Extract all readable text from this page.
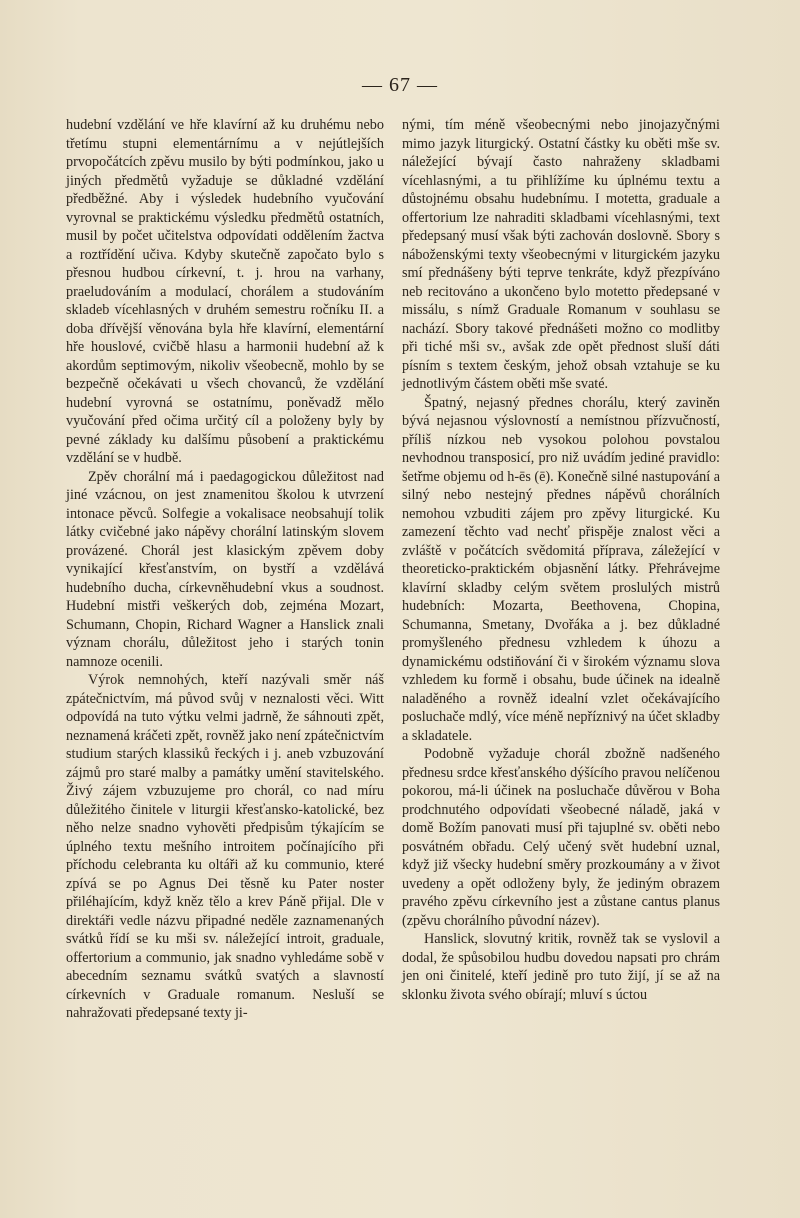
— 67 —

hudební vzdělání ve hře klavírní až ku druhému nebo třetímu stupni elementárnímu a v nejútlejších prvopočátcích zpěvu musilo by býti podmínkou, jako u jiných předmětů vyžaduje se důkladné vzdělání předběžné. Aby i výsledek hudebního vyučování vyrovnal se praktickému výsledku předmětů ostatních, musil by počet učitelstva odpovídati oddělením žactva a roztřídění učiva. Kdyby skutečně započato bylo s přesnou hudbou církevní, t. j. hrou na varhany, praeludováním a modulací, chorálem a studováním skladeb vícehlasných v druhém semestru ročníku II. a doba dřívější věnována byla hře klavírní, elementární hře houslové, cvičbě hlasu a harmonii hudební až k akordům septimovým, nikoliv všeobecně, mohlo by se bezpečně očekávati u všech chovanců, že vzdělání hudební vyrovná se ostatnímu, poněvadž mělo vyučování před očima určitý cíl a položeny byly by pevné základy ku dalšímu působení a praktickému vzdělání se v hudbě.

Zpěv chorální má i paedagogickou důležitost nad jiné vzácnou, on jest znamenitou školou k utvrzení intonace pěvců. Solfegie a vokalisace neobsahují tolik látky cvičebné jako nápěvy chorální latinským slovem provázené. Chorál jest klasickým zpěvem doby vynikající křesťanstvím, on bystří a vzdělává hudebního ducha, církevněhudební vkus a soudnost. Hudební mistři veškerých dob, zejména Mozart, Schumann, Chopin, Richard Wagner a Hanslick znali význam chorálu, důležitost jeho i starých tonin namnoze ocenili.

Výrok nemnohých, kteří nazývali směr náš zpátečnictvím, má původ svůj v neznalosti věci. Witt odpovídá na tuto výtku velmi jadrně, že sáhnouti zpět, neznamená kráčeti zpět, rovněž jako není zpátečnictvím studium starých klassiků řeckých i j. aneb vzbuzování zájmů pro staré malby a památky umění stavitelského. Živý zájem vzbuzujeme pro chorál, co nad míru důležitého činitele v liturgii křesťansko-katolické, bez něho nelze snadno vyhověti předpisům týkajícím se úplného textu mešního introitem počínajícího při příchodu celebranta ku oltáři až ku communio, které zpívá se po Agnus Dei těsně ku Pater noster přiléhajícím, když kněz tělo a krev Páně přijal. Dle v direktáři vedle názvu připadné neděle zaznamenaných svátků řídí se ku mši sv. náležející introit, graduale, offertorium a communio, jak snadno vyhledáme sobě v abecedním seznamu svátků svatých a slavností církevních v Graduale romanum. Nesluší se nahražovati předepsané texty ji-

nými, tím méně všeobecnými nebo jinojazyčnými mimo jazyk liturgický. Ostatní částky ku oběti mše sv. náležející bývají často nahraženy skladbami vícehlasnými, a tu přihlížíme ku úplnému textu a důstojnému obsahu hudebnímu. I motetta, graduale a offertorium lze nahraditi skladbami vícehlasnými, text předepsaný musí však býti zachován doslovně. Sbory s náboženskými texty všeobecnými v liturgickém jazyku smí přednášeny býti teprve tenkráte, když přezpíváno neb recitováno a ukončeno bylo motetto předepsané v missálu, s nímž Graduale Romanum v souhlasu se nachází. Sbory takové přednášeti možno co modlitby při tiché mši sv., avšak zde opět přednost sluší dáti písním s textem českým, jehož obsah vztahuje se ku jednotlivým částem oběti mše svaté.

Špatný, nejasný přednes chorálu, který zaviněn bývá nejasnou výslovností a nemístnou přízvučností, příliš nízkou neb vysokou polohou povstalou nevhodnou transposicí, pro niž uvádím jediné pravidlo: šetřme objemu od h-ēs (ē). Konečně silné nastupování a silný nebo nestejný přednes nápěvů chorálních nemohou vzbuditi zájem pro zpěvy liturgické. Ku zamezení těchto vad nechť přispěje znalost věci a zvláště v počátcích svědomitá příprava, záležející v theoreticko-praktickém objasnění látky. Přehrávejme klavírní skladby celým světem proslulých mistrů hudebních: Mozarta, Beethovena, Chopina, Schumanna, Smetany, Dvořáka a j. bez důkladné promyšleného přednesu vzhledem k úhozu a dynamickému odstiňování či v širokém významu slova vzhledem ku formě i obsahu, bude účinek na idealně naladěného a rovněž idealní vzlet očekávajícího posluchače mdlý, více méně nepříznivý na účet skladby a skladatele.

Podobně vyžaduje chorál zbožně nadšeného přednesu srdce křesťanského dýšícího pravou nelíčenou pokorou, má-li účinek na posluchače důvěrou v Boha prodchnutého odpovídati všeobecné náladě, jaká v domě Božím panovati musí při tajuplné sv. oběti nebo posvátném obřadu. Celý učený svět hudební uznal, když již všecky hudební směry prozkoumány a v život uvedeny a opět odloženy byly, že jediným obrazem pravého zpěvu církevního jest a zůstane cantus planus (zpěvu chorálního původní název).

Hanslick, slovutný kritik, rovněž tak se vyslovil a dodal, že spůsobilou hudbu dovedou napsati pro chrám jen oni činitelé, kteří jedině pro tuto žijí, jí se až na sklonku života svého obírají; mluví s úctou
